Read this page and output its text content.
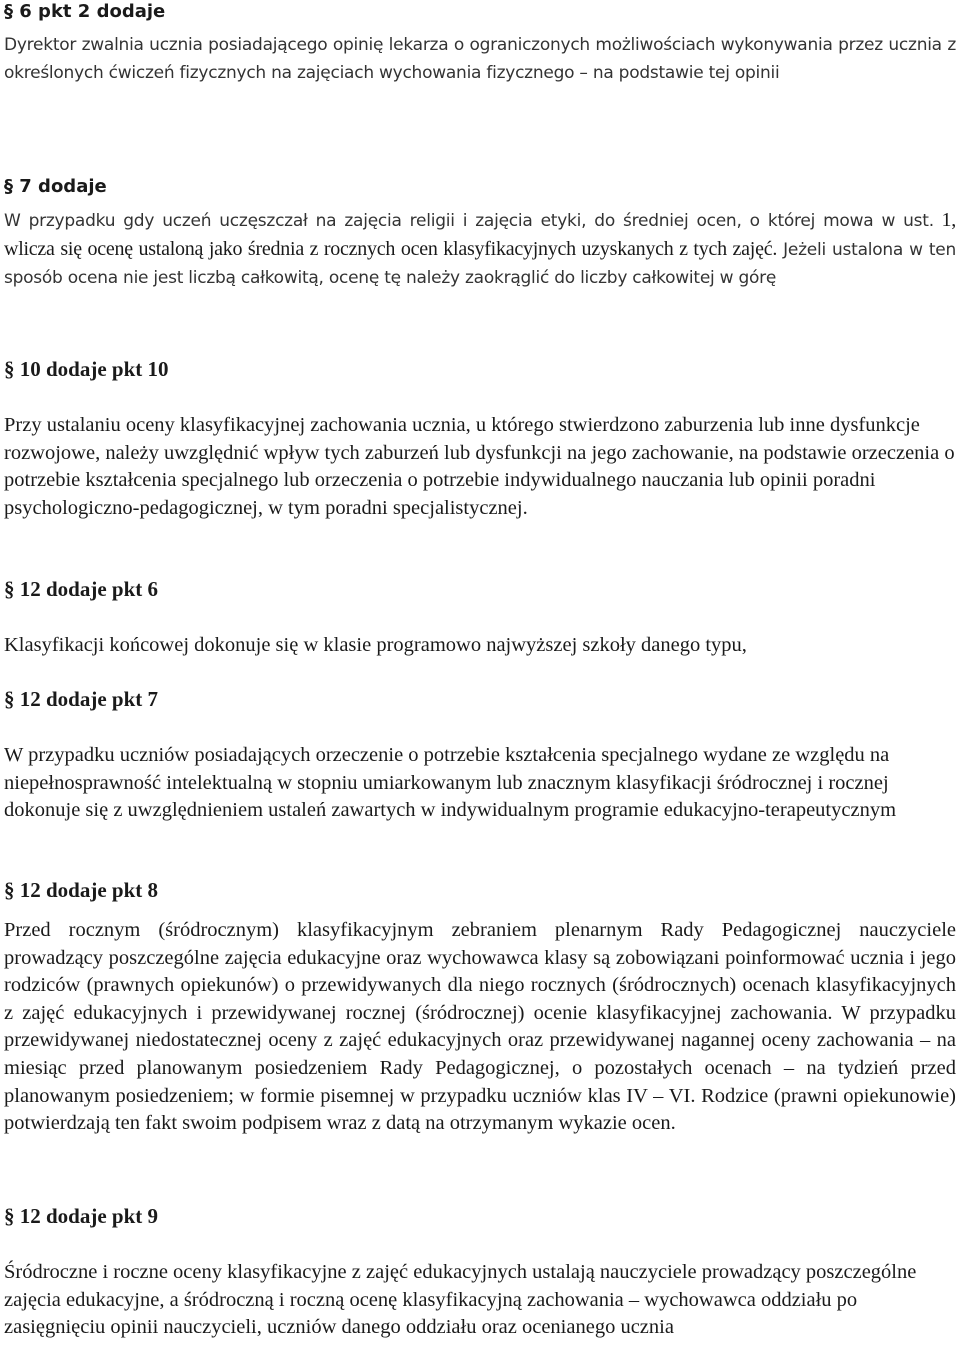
§ 6 pkt 2 dodaje

Dyrektor zwalnia ucznia posiadającego opinię lekarza o ograniczonych możliwościach wykonywania przez ucznia z określonych ćwiczeń fizycznych na zajęciach wychowania fizycznego – na podstawie tej opinii

§ 7 dodaje

W przypadku gdy uczeń uczęszczał na zajęcia religii i zajęcia etyki, do średniej ocen, o której mowa w ust. 1, wlicza się ocenę ustaloną jako średnia z rocznych ocen klasyfikacyjnych uzyskanych z tych zajęć. Jeżeli ustalona w ten sposób ocena nie jest liczbą całkowitą, ocenę tę należy zaokrąglić do liczby całkowitej w górę

§ 10 dodaje pkt 10

Przy ustalaniu oceny klasyfikacyjnej zachowania ucznia, u którego stwierdzono zaburzenia lub inne dysfunkcje rozwojowe, należy uwzględnić wpływ tych zaburzeń lub dysfunkcji na jego zachowanie, na podstawie orzeczenia o potrzebie kształcenia specjalnego lub orzeczenia o potrzebie indywidualnego nauczania lub opinii poradni psychologiczno-pedagogicznej, w tym poradni specjalistycznej.

§ 12 dodaje pkt 6

Klasyfikacji końcowej dokonuje się w klasie programowo najwyższej szkoły danego typu,

§ 12 dodaje pkt 7

W przypadku uczniów posiadających orzeczenie o potrzebie kształcenia specjalnego wydane ze względu na niepełnosprawność intelektualną w stopniu umiarkowanym lub znacznym klasyfikacji śródrocznej i rocznej dokonuje się z uwzględnieniem ustaleń zawartych w indywidualnym programie edukacyjno-terapeutycznym

§ 12 dodaje pkt 8

Przed rocznym (śródrocznym) klasyfikacyjnym zebraniem plenarnym Rady Pedagogicznej nauczyciele prowadzący poszczególne zajęcia edukacyjne oraz wychowawca klasy są zobowiązani poinformować ucznia i jego rodziców (prawnych opiekunów) o przewidywanych dla niego rocznych (śródrocznych) ocenach klasyfikacyjnych z zajęć edukacyjnych i przewidywanej rocznej (śródrocznej) ocenie klasyfikacyjnej zachowania. W przypadku przewidywanej niedostatecznej oceny z zajęć edukacyjnych oraz przewidywanej nagannej oceny zachowania – na miesiąc przed planowanym posiedzeniem Rady Pedagogicznej, o pozostałych ocenach – na tydzień przed planowanym posiedzeniem; w formie pisemnej w przypadku uczniów klas IV – VI. Rodzice (prawni opiekunowie) potwierdzają ten fakt swoim podpisem wraz z datą na otrzymanym wykazie ocen.

§ 12 dodaje pkt 9

Śródroczne i roczne oceny klasyfikacyjne z zajęć edukacyjnych ustalają nauczyciele prowadzący poszczególne zajęcia edukacyjne, a śródroczną i roczną ocenę klasyfikacyjną zachowania – wychowawca oddziału po zasięgnięciu opinii nauczycieli, uczniów danego oddziału oraz ocenianego ucznia
